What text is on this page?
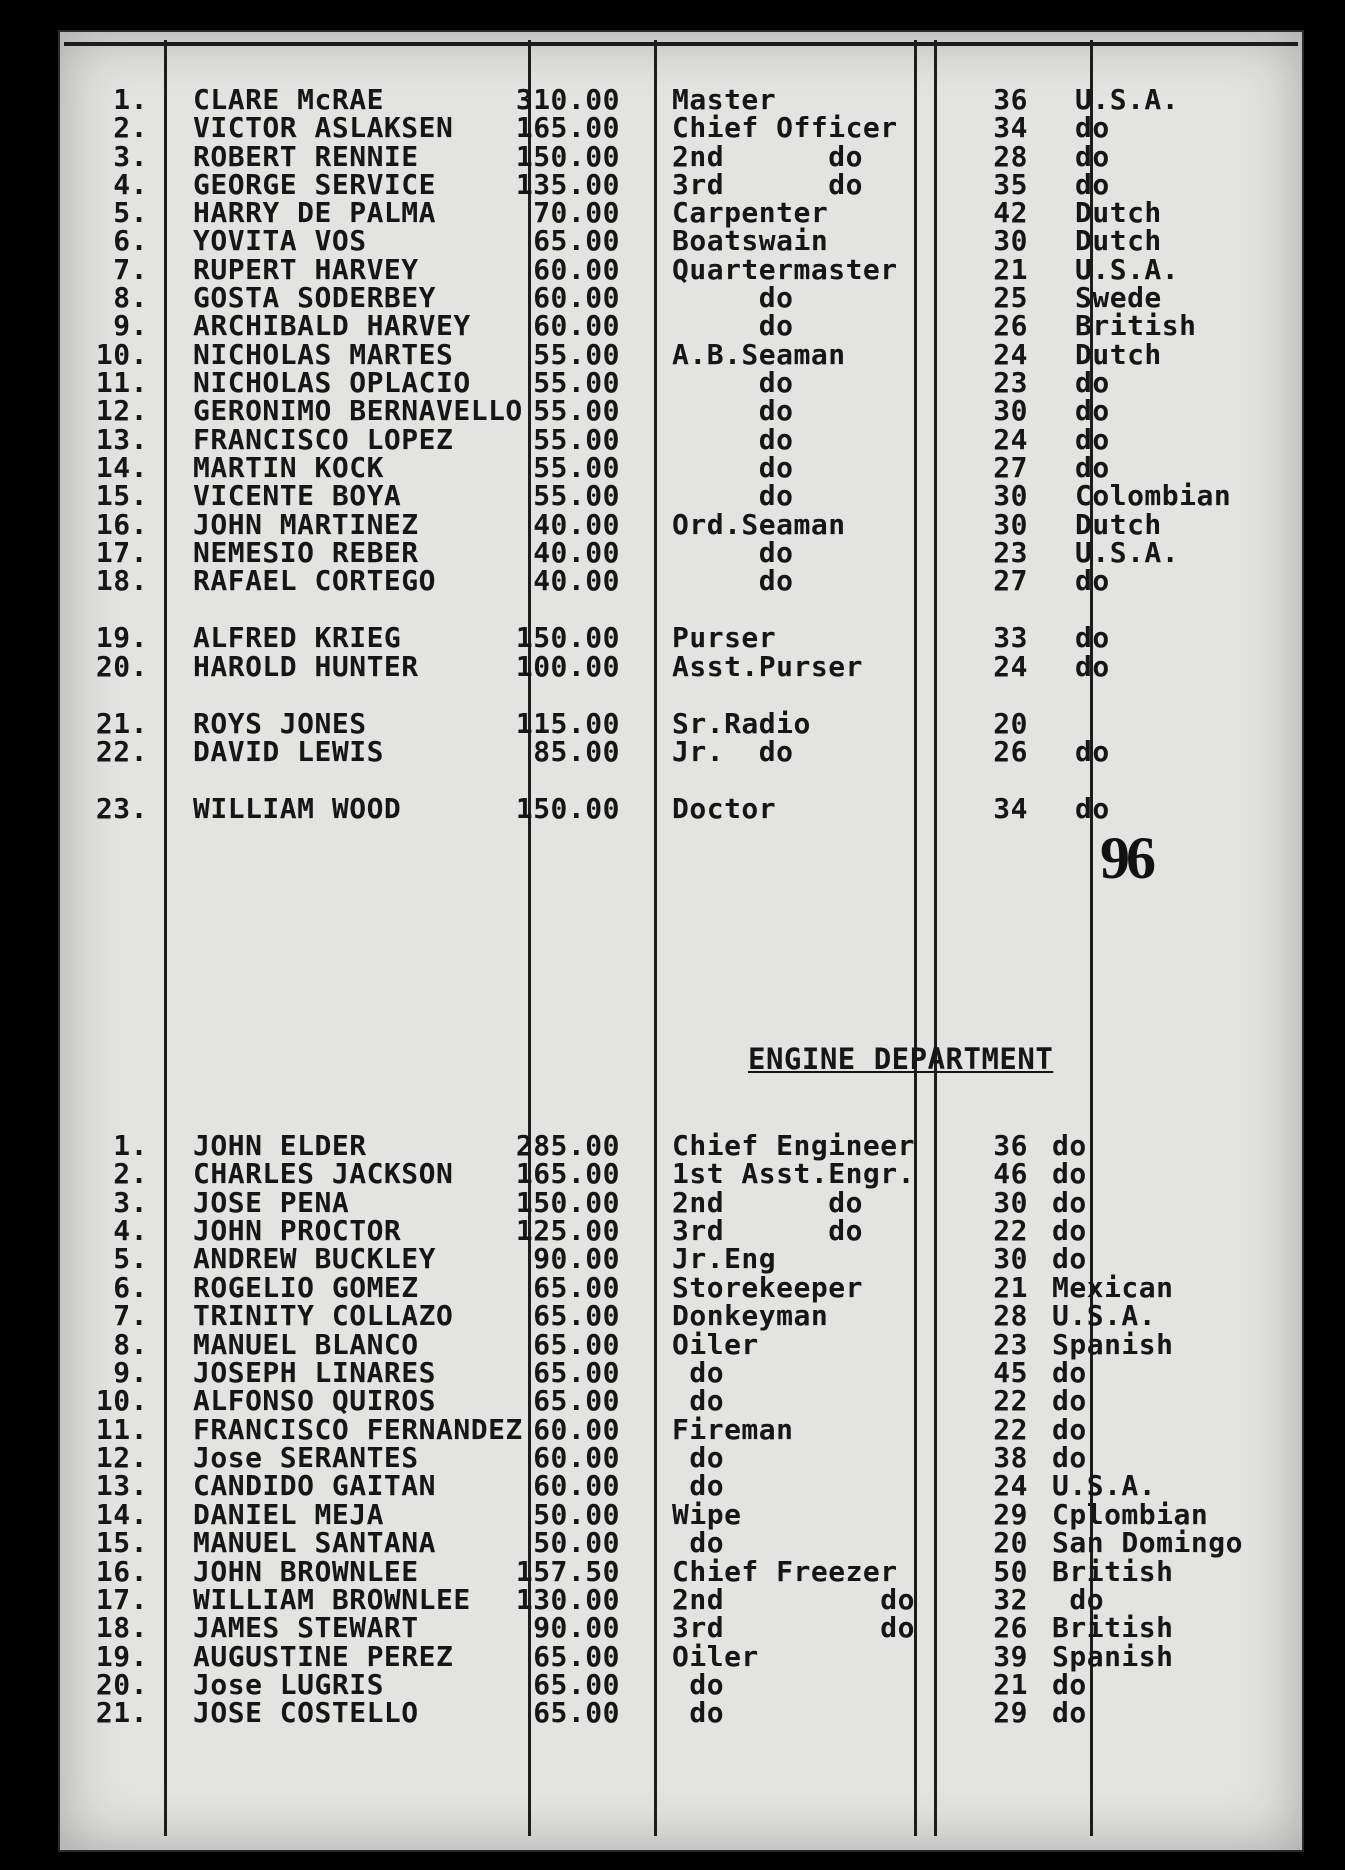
1. CLARE McRAE	310.00 Master	36 U.S.A.
2. VICTOR ASLAKSEN	165.00 Chief Officer	34 do
3. ROBERT RENNIE	150.00 2nd      do	28 do
4. GEORGE SERVICE	135.00 3rd      do	35 do
5. HARRY DE PALMA	70.00 Carpenter	42 Dutch
6. YOVITA VOS	65.00 Boatswain	30 Dutch
7. RUPERT HARVEY	60.00 Quartermaster	21 U.S.A.
8. GOSTA SODERBEY	60.00 do	25 Swede
9. ARCHIBALD HARVEY	60.00 do	26 British
10. NICHOLAS MARTES	55.00 A.B.Seaman	24 Dutch
11. NICHOLAS OPLACIO	55.00 do	23 do
12. GERONIMO BERNAVELLO 55.00 do	30 do
13. FRANCISCO LOPEZ	55.00 do	24 do
14. MARTIN KOCK	55.00 do	27 do
15. VICENTE BOYA	55.00 do	30 Colombian
16. JOHN MARTINEZ	40.00 Ord.Seaman	30 Dutch
17. NEMESIO REBER	40.00 do	23 U.S.A.
18. RAFAEL CORTEGO	40.00 do	27 do
19. ALFRED KRIEG	150.00 Purser	33 do
20. HAROLD HUNTER	100.00 Asst.Purser	24 do
21. ROYS JONES	115.00 Sr.Radio	20
22. DAVID LEWIS	85.00 Jr.  do	26 do
23. WILLIAM WOOD	150.00 Doctor	34 do
1. JOHN ELDER	285.00 Chief Engineer	36 do
2. CHARLES JACKSON	165.00 1st Asst.Engr.	46 do
3. JOSE PENA	150.00 2nd      do	30 do
4. JOHN PROCTOR	125.00 3rd      do	22 do
5. ANDREW BUCKLEY	90.00 Jr.Eng	30 do
6. ROGELIO GOMEZ	65.00 Storekeeper	21 Mexican
7. TRINITY COLLAZO	65.00 Donkeyman	28 U.S.A.
8. MANUEL BLANCO	65.00 Oiler	23 Spanish
9. JOSEPH LINARES	65.00 do	45 do
10. ALFONSO QUIROS	65.00 do	22 do
11. FRANCISCO FERNANDEZ 60.00 Fireman	22 do
12. Jose SERANTES	60.00 do	38 do
13. CANDIDO GAITAN	60.00 do	24 U.S.A.
14. DANIEL MEJA	50.00 Wipe	29 Cplombian
15. MANUEL SANTANA	50.00 do	20 San Domingo
16. JOHN BROWNLEE	157.50 Chief Freezer	50 British
17. WILLIAM BROWNLEE	130.00 2nd         do	32 do
18. JAMES STEWART	90.00 3rd         do	26 British
19. AUGUSTINE PEREZ	65.00 Oiler	39 Spanish
20. Jose LUGRIS	65.00 do	21 do
21. JOSE COSTELLO	65.00 do	29 do
ENGINE DEPARTMENT
96
